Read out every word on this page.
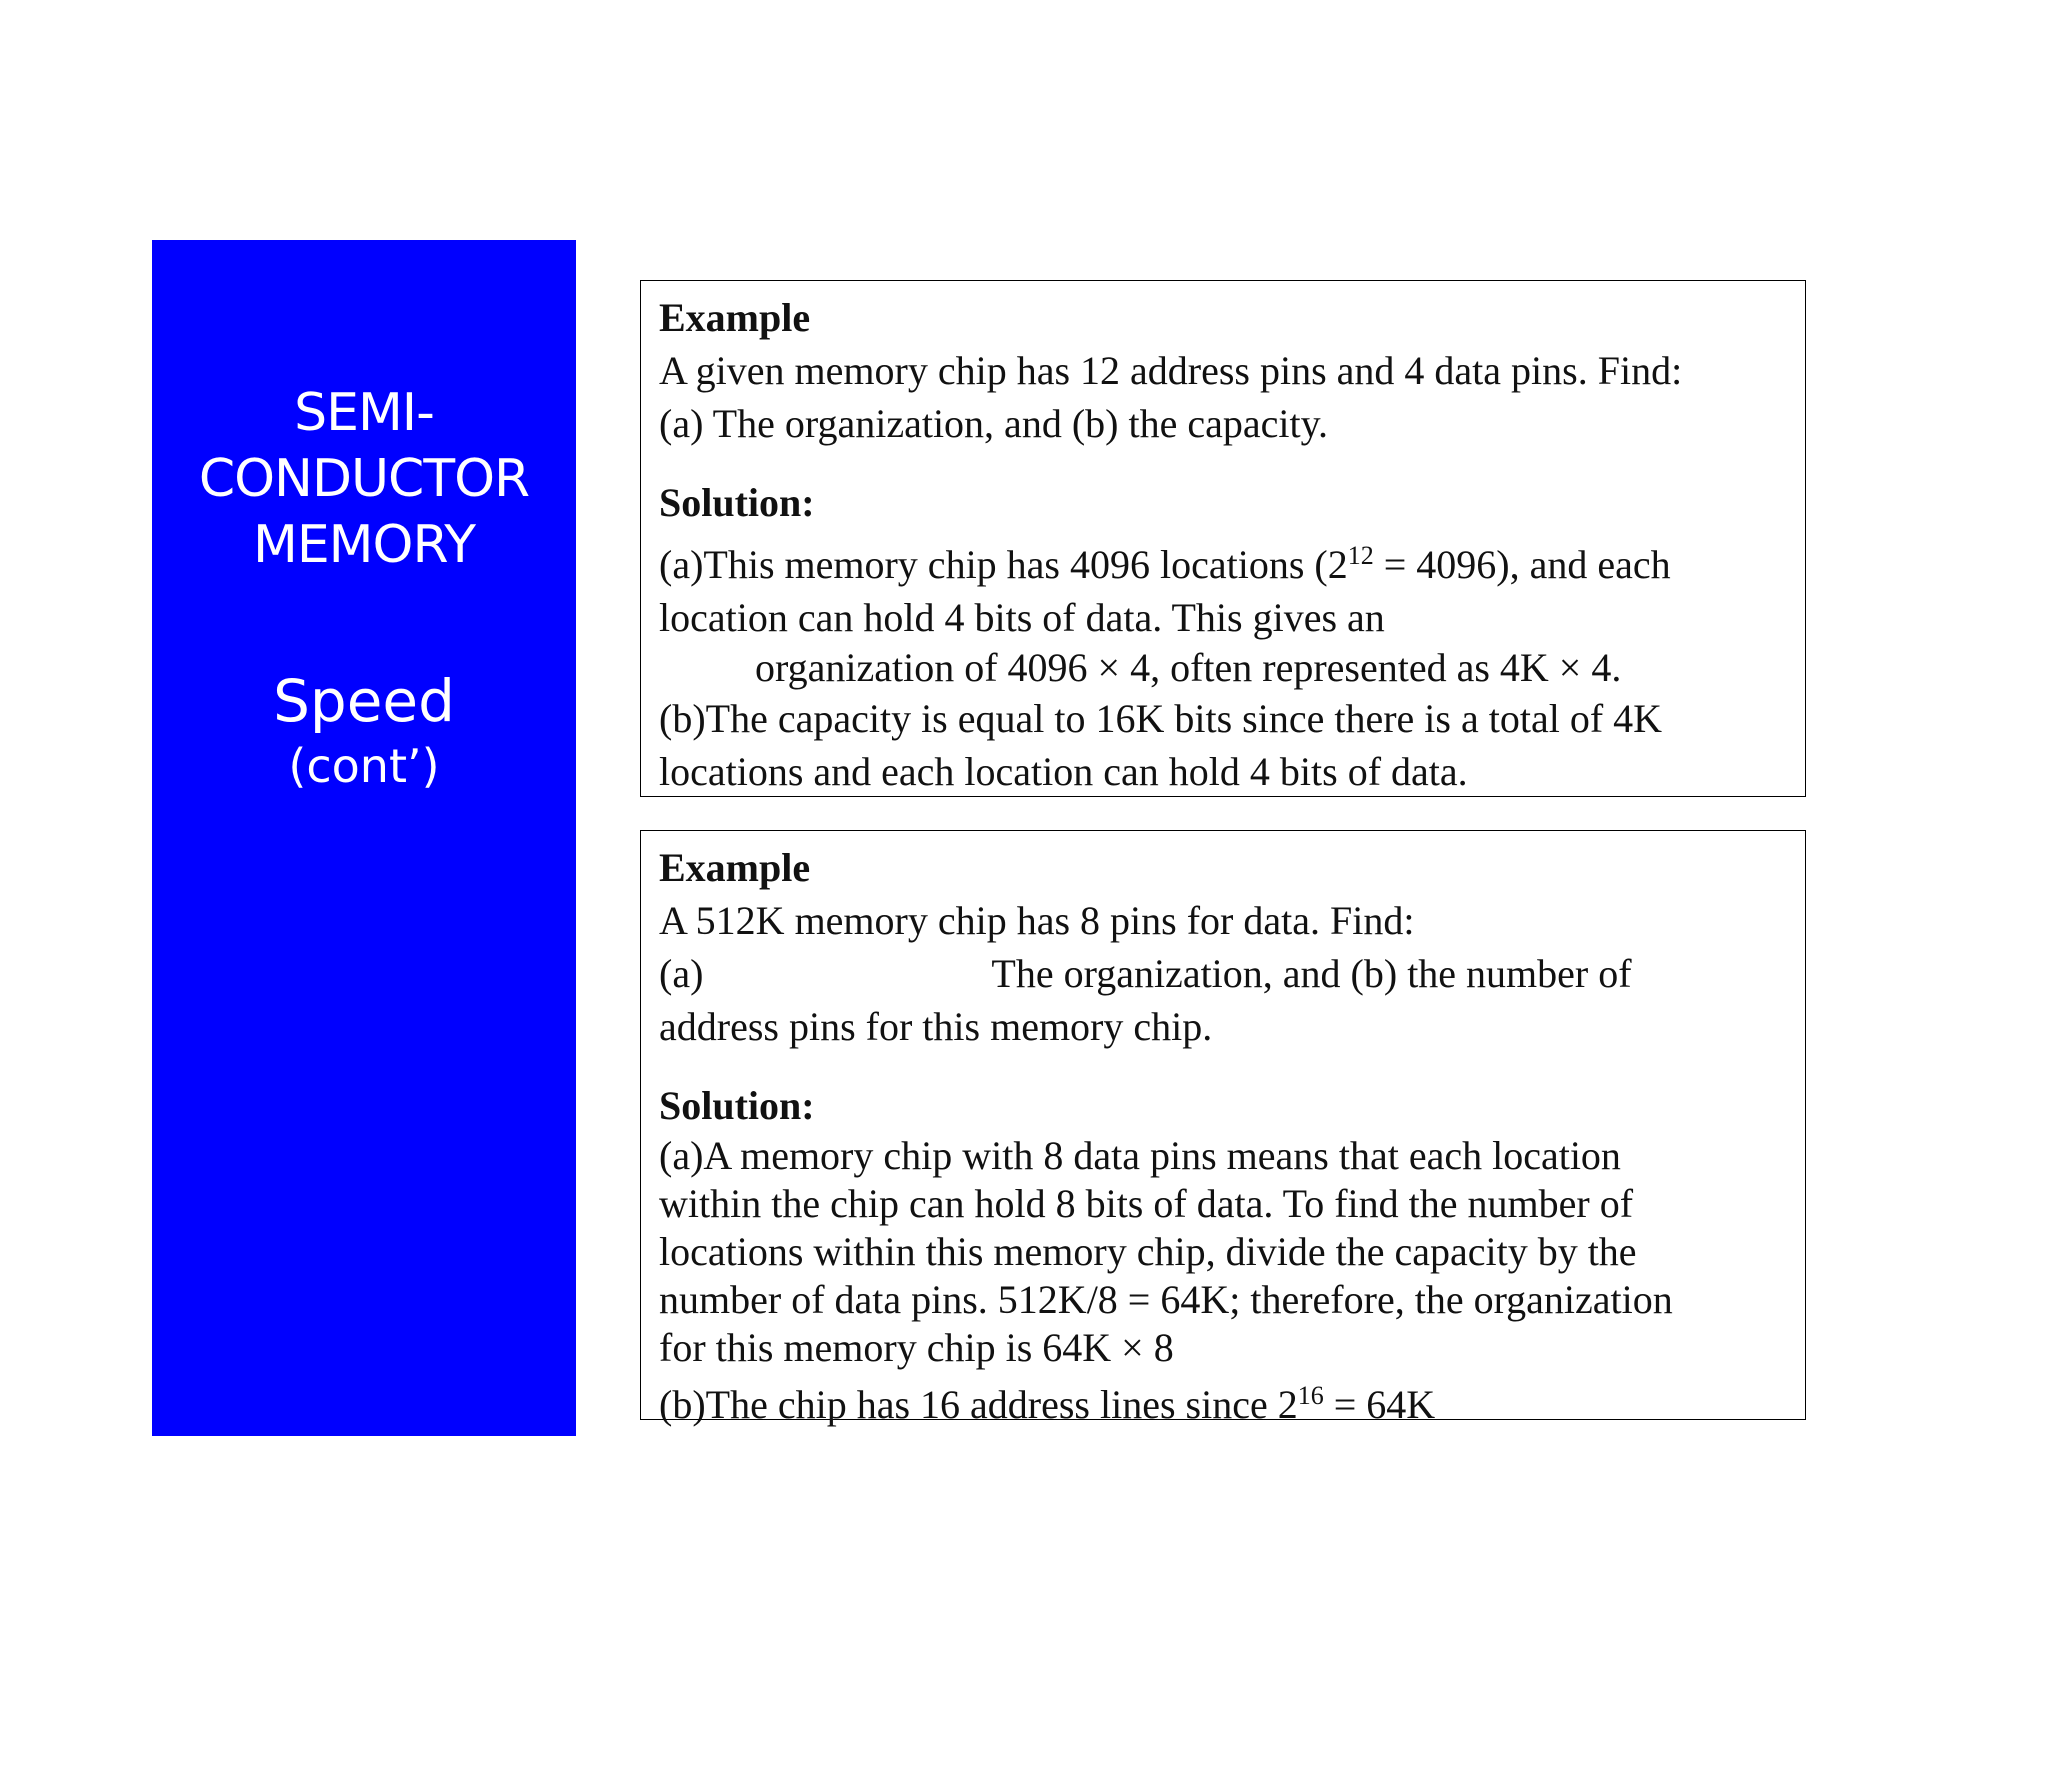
SEMI-
CONDUCTOR
MEMORY
Speed
(cont’)
Example
A given memory chip has 12 address pins and 4 data pins. Find:
(a) The organization, and (b) the capacity.
Solution:
(a)This memory chip has 4096 locations $(2^{12} = 4096)$, and each
location can hold 4 bits of data. This gives an
organization of 4096 × 4, often represented as 4K × 4.
(b)The capacity is equal to 16K bits since there is a total of 4K
locations and each location can hold 4 bits of data.
Example
A 512K memory chip has 8 pins for data. Find:
(a)	The organization, and (b) the number of
address pins for this memory chip.
Solution:
(a)A memory chip with 8 data pins means that each location
within the chip can hold 8 bits of data. To find the number of
locations within this memory chip, divide the capacity by the
number of data pins. 512K/8 = 64K; therefore, the organization
for this memory chip is 64K × 8
(b)The chip has 16 address lines since $2^{16} = 64K$
